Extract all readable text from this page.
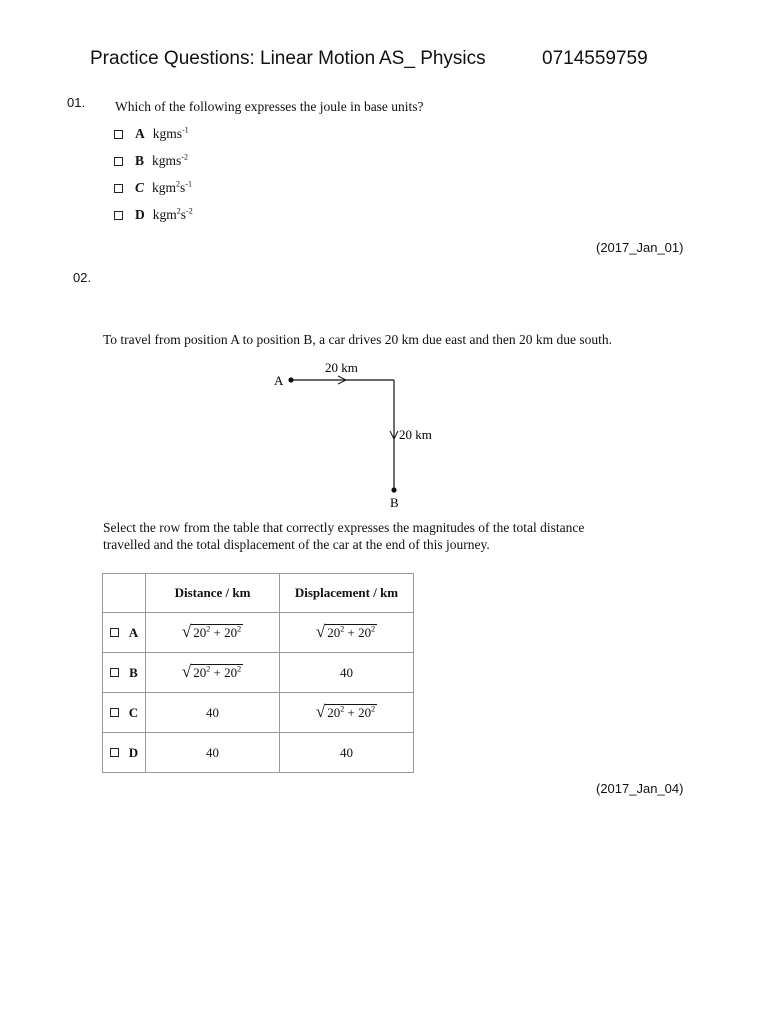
Practice Questions: Linear Motion AS_ Physics	0714559759
01. Which of the following expresses the joule in base units?
A kgms$^{-1}$
B kgms$^{-2}$
C $kgm^2s^{-1}$
D $kgm^2s^{-2}$
(2017_Jan_01)
02.
To travel from position A to position B, a car drives 20 km due east and then 20 km due south.
A
20 km
20 km
B
Select the row from the table that correctly expresses the magnitudes of the total distance
travelled and the total displacement of the car at the end of this journey.
	Distance / km	Displacement / km
A	√ $20^2 + 20^2$	√ $20^2 + 20^2$

B	√ $20^2 + 20^2$	40
C	40	√ $20^2 + 20^2$

D	40	40
(2017_Jan_04)
